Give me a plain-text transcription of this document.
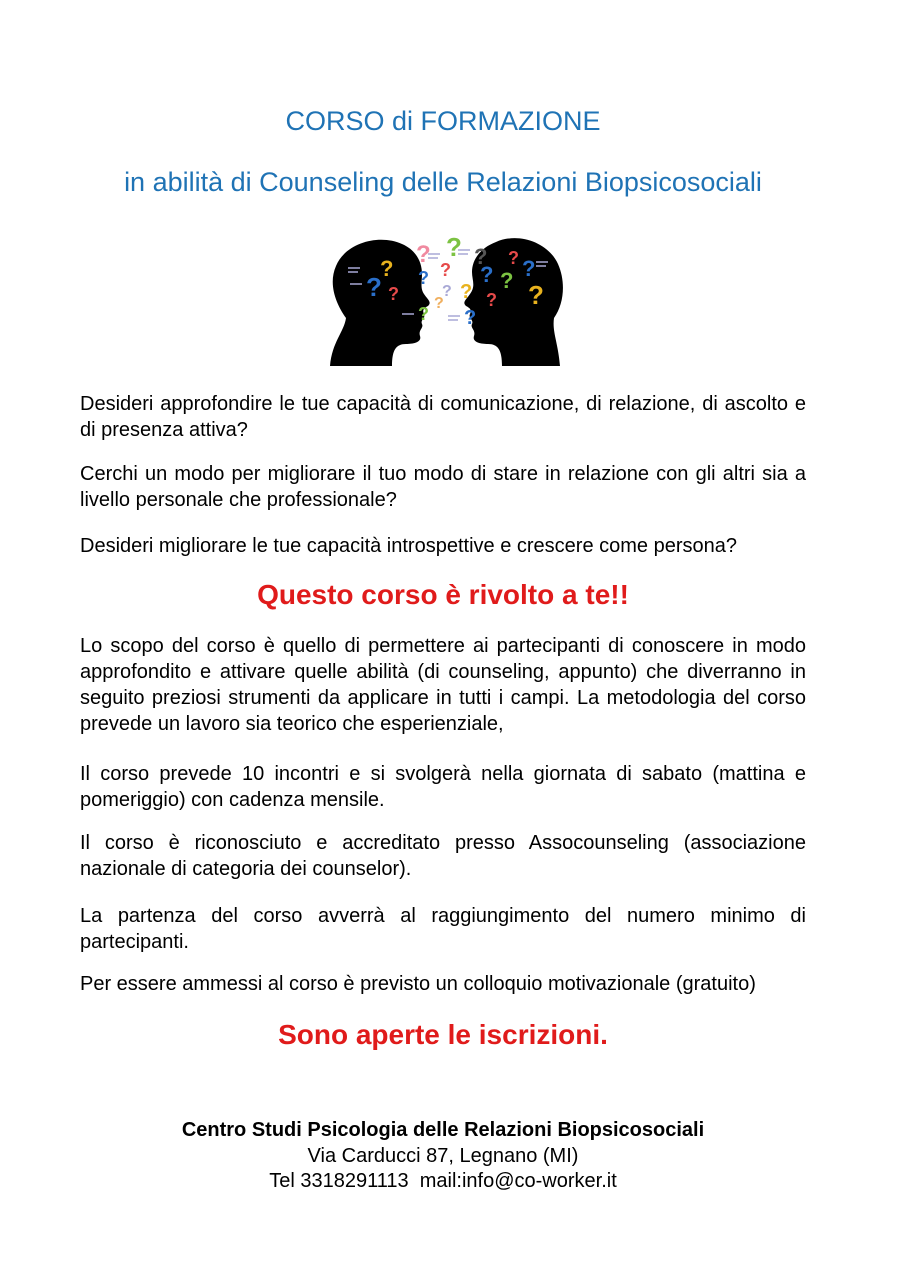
CORSO di FORMAZIONE
in abilità di Counseling delle Relazioni Biopsicosociali
?
? ?
? ? ?
?
?
?
? ? ?
?
?
?
?
?
?
?

Desideri approfondire le tue capacità di comunicazione, di relazione, di ascolto e di presenza attiva?

Cerchi un modo per migliorare il tuo modo di stare in relazione con gli altri sia a livello personale che professionale?

Desideri migliorare le tue capacità introspettive e crescere come persona?

Questo corso è rivolto a te!!

Lo scopo del corso è quello di permettere ai partecipanti di conoscere in modo approfondito e attivare quelle abilità (di counseling, appunto) che diverranno in seguito preziosi strumenti da applicare in tutti i campi. La metodologia del corso prevede un lavoro sia teorico che esperienziale,

Il corso prevede 10 incontri e si svolgerà nella giornata di sabato (mattina e pomeriggio) con cadenza mensile.

Il corso è riconosciuto e accreditato presso Assocounseling (associazione nazionale di categoria dei counselor).

La partenza del corso avverrà al raggiungimento del numero minimo di partecipanti.

Per essere ammessi al corso è previsto un colloquio motivazionale (gratuito)

Sono aperte le iscrizioni.
Centro Studi Psicologia delle Relazioni Biopsicosociali
Via Carducci 87, Legnano (MI)
Tel 3318291113  mail:info@co-worker.it
